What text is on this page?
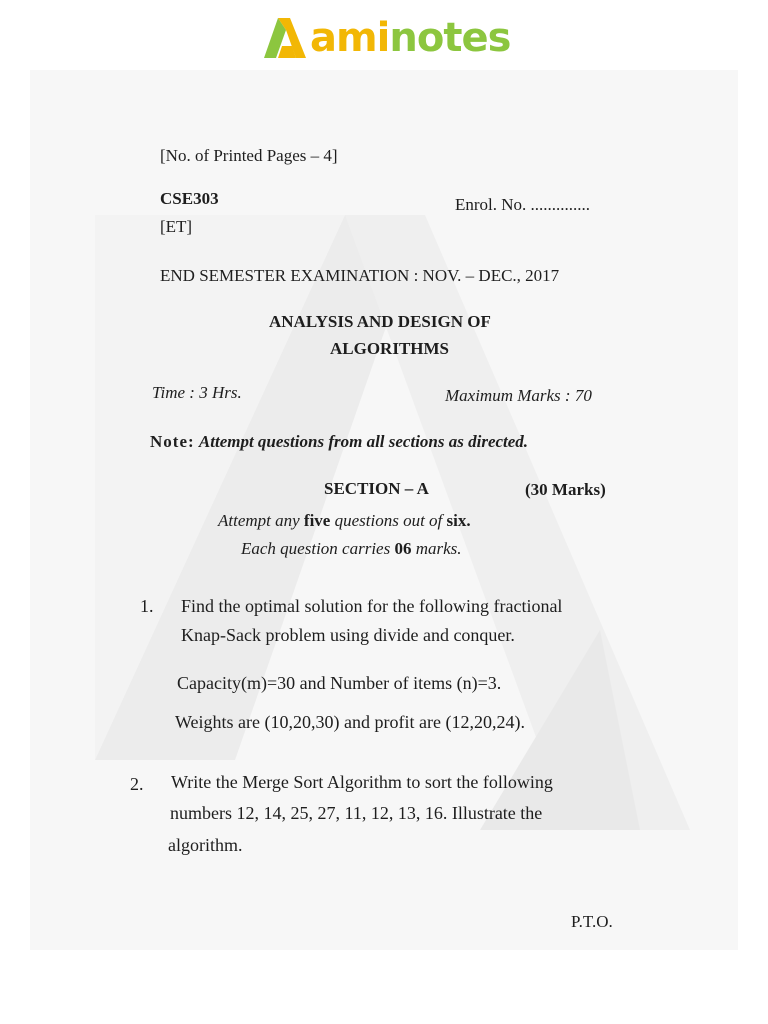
aminotes
[No. of Printed Pages – 4]
CSE303	Enrol. No. ..............
[ET]
END SEMESTER EXAMINATION : NOV. – DEC., 2017
ANALYSIS AND DESIGN OF
ALGORITHMS
Time : 3 Hrs.	Maximum Marks : 70
Note: Attempt questions from all sections as directed.
SECTION – A	(30 Marks)
Attempt any five questions out of six.
Each question carries 06 marks.
1. Find the optimal solution for the following fractional
Knap-Sack problem using divide and conquer.
Capacity(m)=30 and Number of items (n)=3.
Weights are (10,20,30) and profit are (12,20,24).
2. Write the Merge Sort Algorithm to sort the following
numbers 12, 14, 25, 27, 11, 12, 13, 16. Illustrate the
algorithm.
P.T.O.
